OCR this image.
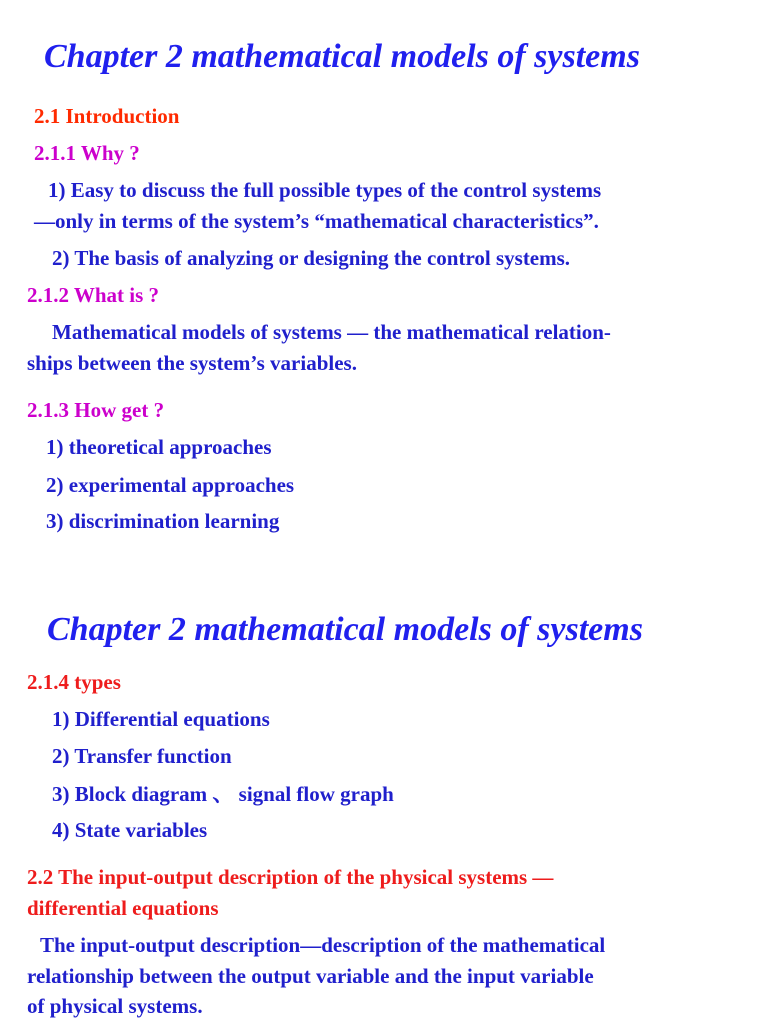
Chapter 2 mathematical models of systems

2.1 Introduction

2.1.1 Why ?

1) Easy to discuss the full possible types of the control systems

—only in terms of the system’s “mathematical characteristics”.

2) The basis of analyzing or designing the control systems.

2.1.2 What is ?

Mathematical models of systems — the mathematical relation-

ships between the system’s variables.

2.1.3 How get ?

1) theoretical approaches

2) experimental approaches

3) discrimination learning

Chapter 2 mathematical models of systems

2.1.4 types

1) Differential equations

2) Transfer function

3) Block diagram 、 signal flow graph

4) State variables

2.2 The input-output description of the physical systems —

differential equations

The input-output description—description of the mathematical

relationship between the output variable and the input variable

of physical systems.
